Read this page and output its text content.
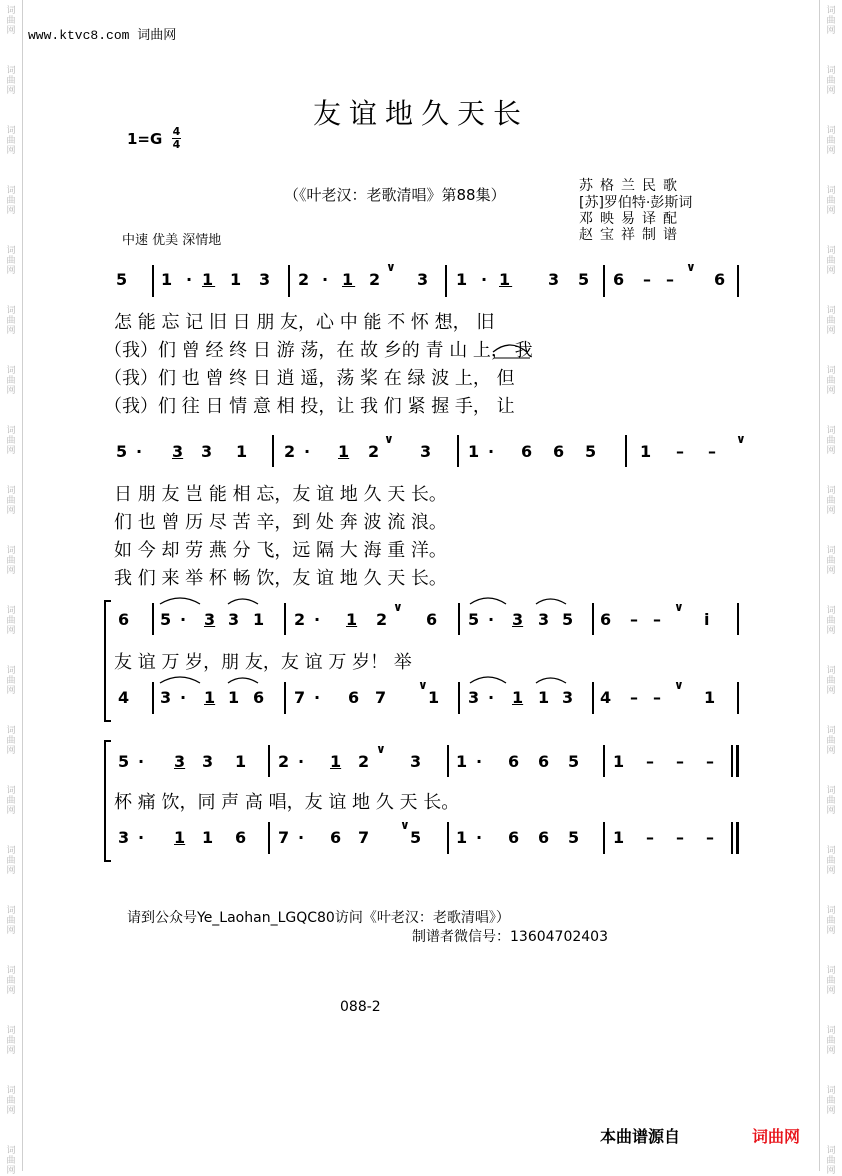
词
曲
网
词
曲
网
词
曲
网
词
曲
网
词
曲
网
词
曲
网
词
曲
网
词
曲
网
词
曲
网
词
曲
网
词
曲
网
词
曲
网
词
曲
网
词
曲
网
词
曲
网
词
曲
网
词
曲
网
词
曲
网
词
曲
网
词
曲
网
词
曲
网
词
曲
网
词
曲
网
词
曲
网
词
曲
网
词
曲
网
词
曲
网
词
曲
网
词
曲
网
词
曲
网
词
曲
网
词
曲
网
词
曲
网
词
曲
网
词
曲
网
词
曲
网
词
曲
网
词
曲
网
词
曲
网
词
曲
网
www.ktvc8.com 词曲网
友谊地久天长
1=G 4
4
（《叶老汉：老歌清唱》第88集）	苏格兰民歌
[苏]罗伯特·彭斯词
邓映易译配
赵宝祥制谱
中速 优美 深情地
5 1 · 1 1 3 2 · 1 2
∨
3 1 · 1 3 5 6 – –
∨
6
怎 能 忘 记 旧 日 朋 友，心 中 能 不 怀 想， 旧
（我）们 曾 经 终 日 游 荡，在 故 乡的 青 山 上， 我
（我）们 也 曾 终 日 逍 遥，荡 桨 在 绿 波 上， 但
（我）们 往 日 情 意 相 投，让 我 们 紧 握 手， 让
5 · 3 3 1 2 · 1 2
∨
3 1 · 6 6 5	1 – –
∨
日 朋 友 岂 能 相 忘，友 谊 地 久 天 长。
们 也 曾 历 尽 苦 辛，到 处 奔 波 流 浪。
如 今 却 劳 燕 分 飞，远 隔 大 海 重 洋。
我 们 来 举 杯 畅 饮，友 谊 地 久 天 长。
6 5 · 3 3 1 2 · 1 2
∨
6 5 · 3 3 5 6 – –
∨
i
友 谊 万 岁，朋 友，友 谊 万 岁！ 举
4 3 · 1 1 6 7 · 6 7
∨
1 3 · 1 1 3 4 – –
∨
1
5 · 3 3 1 2 · 1 2
∨
3 1 · 6 6 5 1 – – –
杯 痛 饮，同 声 高 唱，友 谊 地 久 天 长。
3 · 1 1 6 7 · 6 7
∨
5 1 · 6 6 5 1 – – –
请到公众号Ye_Laohan_LGQC80访问《叶老汉：老歌清唱》）
制谱者微信号：13604702403
088-2
本曲谱源自	词曲网
